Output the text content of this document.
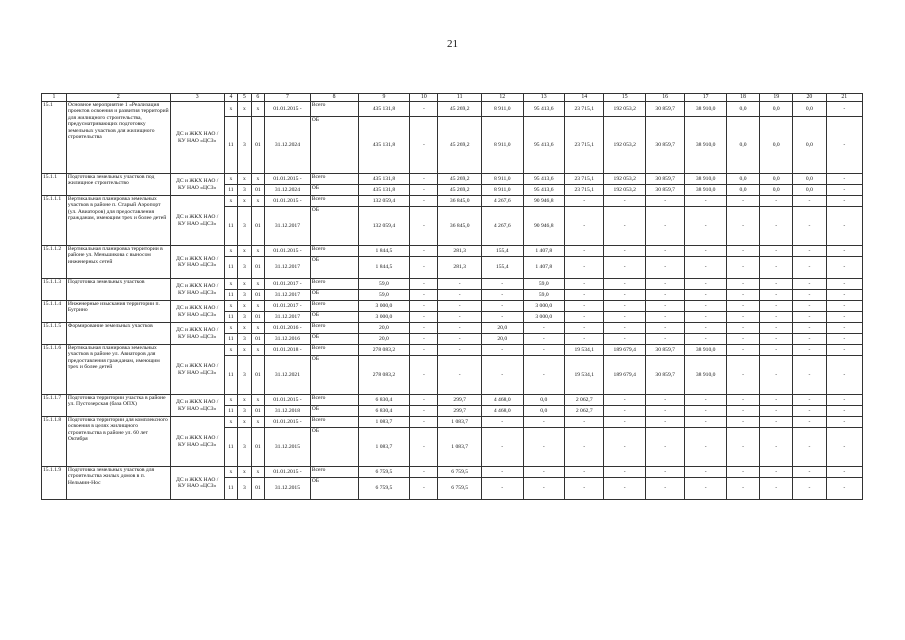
21
1	2	3	4	5	6	7	8	9	10	11	12	13	14	15	16	17	18	19	20	21
15.1	Основное мероприятие 1 «Реализация проектов освоения и развития территорий для жилищного строительства, предусматривающих подготовку земельных участков для жилищного строительства	ДС и ЖКХ НАО / КУ НАО «ЦСЗ»	х	х	х	01.01.2015 -	Всего	435 131,8	-	45 269,2	8 911,0	95 413,6	23 715,1	192 053,2	30 859,7	38 910,0	0,0	0,0	0,0	-
			11	3	01	31.12.2024	ОБ	435 131,8	-	45 269,2	8 911,0	95 413,6	23 715,1	192 053,2	30 859,7	38 910,0	0,0	0,0	0,0	-
15.1.1	Подготовка земельных участков под жилищное строительство	ДС и ЖКХ НАО / КУ НАО «ЦСЗ»	х	х	х	01.01.2015 -	Всего	435 131,8	-	45 269,2	8 911,0	95 413,6	23 715,1	192 053,2	30 859,7	38 910,0	0,0	0,0	0,0	-
			11	3	01	31.12.2024	ОБ	435 131,8	-	45 269,2	8 911,0	95 413,6	23 715,1	192 053,2	30 859,7	38 910,0	0,0	0,0	0,0	-
15.1.1.1	Вертикальная планировка земельных участков в районе п. Старый Аэропорт (ул. Авиаторов) для предоставления гражданам, имеющим трех и более детей	ДС и ЖКХ НАО / КУ НАО «ЦСЗ»	х	х	х	01.01.2015 -	Всего	132 059,4	-	36 845,0	4 267,6	90 946,8	-	-	-	-	-	-	-	-
			11	3	01	31.12.2017	ОБ	132 059,4	-	36 845,0	4 267,6	90 946,8	-	-	-	-	-	-	-	-
15.1.1.2	Вертикальная планировка территории в районе ул. Меньшикова с выносом инженерных сетей	ДС и ЖКХ НАО / КУ НАО «ЦСЗ»	х	х	х	01.01.2015 -	Всего	1 844,5	-	281,3	155,4	1 407,8	-	-	-	-	-	-	-	-
			11	3	01	31.12.2017	ОБ	1 844,5	-	281,3	155,4	1 407,8	-	-	-	-	-	-	-	-
15.1.1.3	Подготовка земельных участков	ДС и ЖКХ НАО / КУ НАО «ЦСЗ»	х	х	х	01.01.2017 -	Всего	59,0	-	-	-	59,0	-	-	-	-	-	-	-	-
			11	3	01	31.12.2017	ОБ	59,0	-	-	-	59,0	-	-	-	-	-	-	-	-
15.1.1.4	Инженерные изыскания территории п. Бугрино	ДС и ЖКХ НАО / КУ НАО «ЦСЗ»	х	х	х	01.01.2017 -	Всего	3 000,0	-	-	-	3 000,0	-	-	-	-	-	-	-	-
			11	3	01	31.12.2017	ОБ	3 000,0	-	-	-	3 000,0	-	-	-	-	-	-	-	-
15.1.1.5	Формирование земельных участков	ДС и ЖКХ НАО / КУ НАО «ЦСЗ»	х	х	х	01.01.2016 -	Всего	20,0	-	-	20,0	-	-	-	-	-	-	-	-	-
			11	3	01	31.12.2016	ОБ	20,0	-	-	20,0	-	-	-	-	-	-	-	-	-
15.1.1.6	Вертикальная планировка земельных участков в районе ул. Авиаторов для предоставления гражданам, имеющим трех и более детей	ДС и ЖКХ НАО / КУ НАО «ЦСЗ»	х	х	х	01.01.2018 -	Всего	278 083,2	-	-	-	-	19 534,1	189 679,4	30 859,7	38 910,0	-	-	-	-
			11	3	01	31.12.2021	ОБ	278 083,2	-	-	-	-	19 534,1	189 679,4	30 859,7	38 910,0	-	-	-	-
15.1.1.7	Подготовка территории участка в районе ул. Пустозерская (база ОПХ)	ДС и ЖКХ НАО / КУ НАО «ЦСЗ»	х	х	х	01.01.2015 -	Всего	6 830,4	-	299,7	4 468,0	0,0	2 062,7	-	-	-	-	-	-	-
			11	3	01	31.12.2018	ОБ	6 830,4	-	299,7	4 468,0	0,0	2 062,7	-	-	-	-	-	-	-
15.1.1.8	Подготовка территории для комплексного освоения в целях жилищного строительства в районе ул. 60 лет Октября	ДС и ЖКХ НАО / КУ НАО «ЦСЗ»	х	х	х	01.01.2015 -	Всего	1 083,7	-	1 083,7	-	-	-	-	-	-	-	-	-	-
			11	3	01	31.12.2015	ОБ	1 083,7	-	1 083,7	-	-	-	-	-	-	-	-	-	-
15.1.1.9	Подготовка земельных участков для строительства жилых домов в п. Нельмин-Нос	ДС и ЖКХ НАО / КУ НАО «ЦСЗ»	х	х	х	01.01.2015 -	Всего	6 759,5	-	6 759,5	-	-	-	-	-	-	-	-	-	-
			11	3	01	31.12.2015	ОБ	6 759,5	-	6 759,5	-	-	-	-	-	-	-	-	-	-
